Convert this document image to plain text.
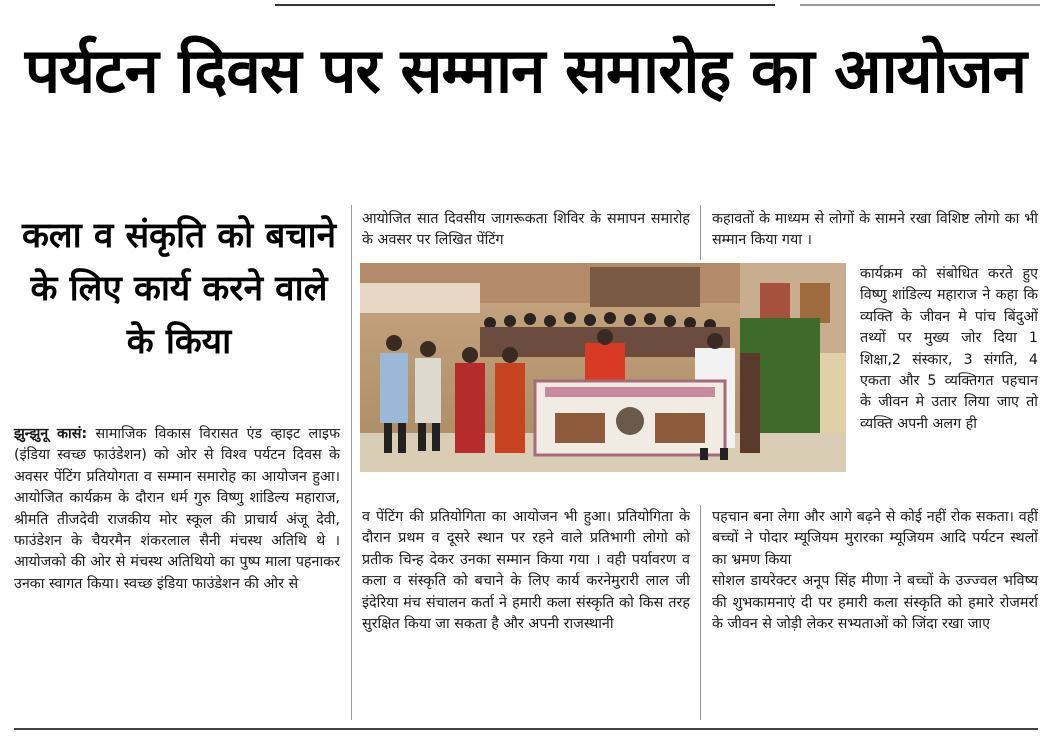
पर्यटन दिवस पर सम्मान समारोह का आयोजन
कला व संकृति को बचाने के लिए कार्य करने वाले के किया

झुन्झुनू कासं: सामाजिक विकास विरासत एंड व्हाइट लाइफ (इंडिया स्वच्छ फाउंडेशन) को ओर से विश्व पर्यटन दिवस के अवसर पेंटिंग प्रतियोगता व सम्मान समारोह का आयोजन हुआ। आयोजित कार्यक्रम के दौरान धर्म गुरु विष्णु शांडिल्य महाराज, श्रीमति तीजदेवी राजकीय मोर स्कूल की प्राचार्य अंजू देवी, फाउंडेशन के चैयरमैन शंकरलाल सैनी मंचस्थ अतिथि थे । आयोजको की ओर से मंचस्थ अतिथियो का पुष्प माला पहनाकर उनका स्वागत किया। स्वच्छ इंडिया फाउंडेशन की ओर से

आयोजित सात दिवसीय जागरूकता शिविर के समापन समारोह के अवसर पर लिखित पेंटिंग

कहावतों के माध्यम से लोगों के सामने रखा विशिष्ट लोगो का भी सम्मान किया गया ।

कार्यक्रम को संबोधित करते हुए विष्णु शांडिल्य महाराज ने कहा कि व्यक्ति के जीवन मे पांच बिंदुओं तथ्यों पर मुख्य जोर दिया 1 शिक्षा,2 संस्कार, 3 संगति, 4 एकता और 5 व्यक्तिगत पहचान के जीवन मे उतार लिया जाए तो व्यक्ति अपनी अलग ही

व पेंटिंग की प्रतियोगिता का आयोजन भी हुआ। प्रतियोगिता के दौरान प्रथम व दूसरे स्थान पर रहने वाले प्रतिभागी लोगो को प्रतीक चिन्ह देकर उनका सम्मान किया गया । वही पर्यावरण व कला व संस्कृति को बचाने के लिए कार्य करनेमुरारी लाल जी इंदेरिया मंच संचालन कर्ता ने हमारी कला संस्कृति को किस तरह सुरक्षित किया जा सकता है और अपनी राजस्थानी

पहचान बना लेगा और आगे बढ़ने से कोई नहीं रोक सकता। वहीं बच्चों ने पोदार म्यूजियम मुरारका म्यूजियम आदि पर्यटन स्थलों का भ्रमण किया

सोशल डायरेक्टर अनूप सिंह मीणा ने बच्चों के उज्ज्वल भविष्य की शुभकामनाएं दी पर हमारी कला संस्कृति को हमारे रोजमर्रा के जीवन से जोड़ी लेकर सभ्यताओं को जिंदा रखा जाए
